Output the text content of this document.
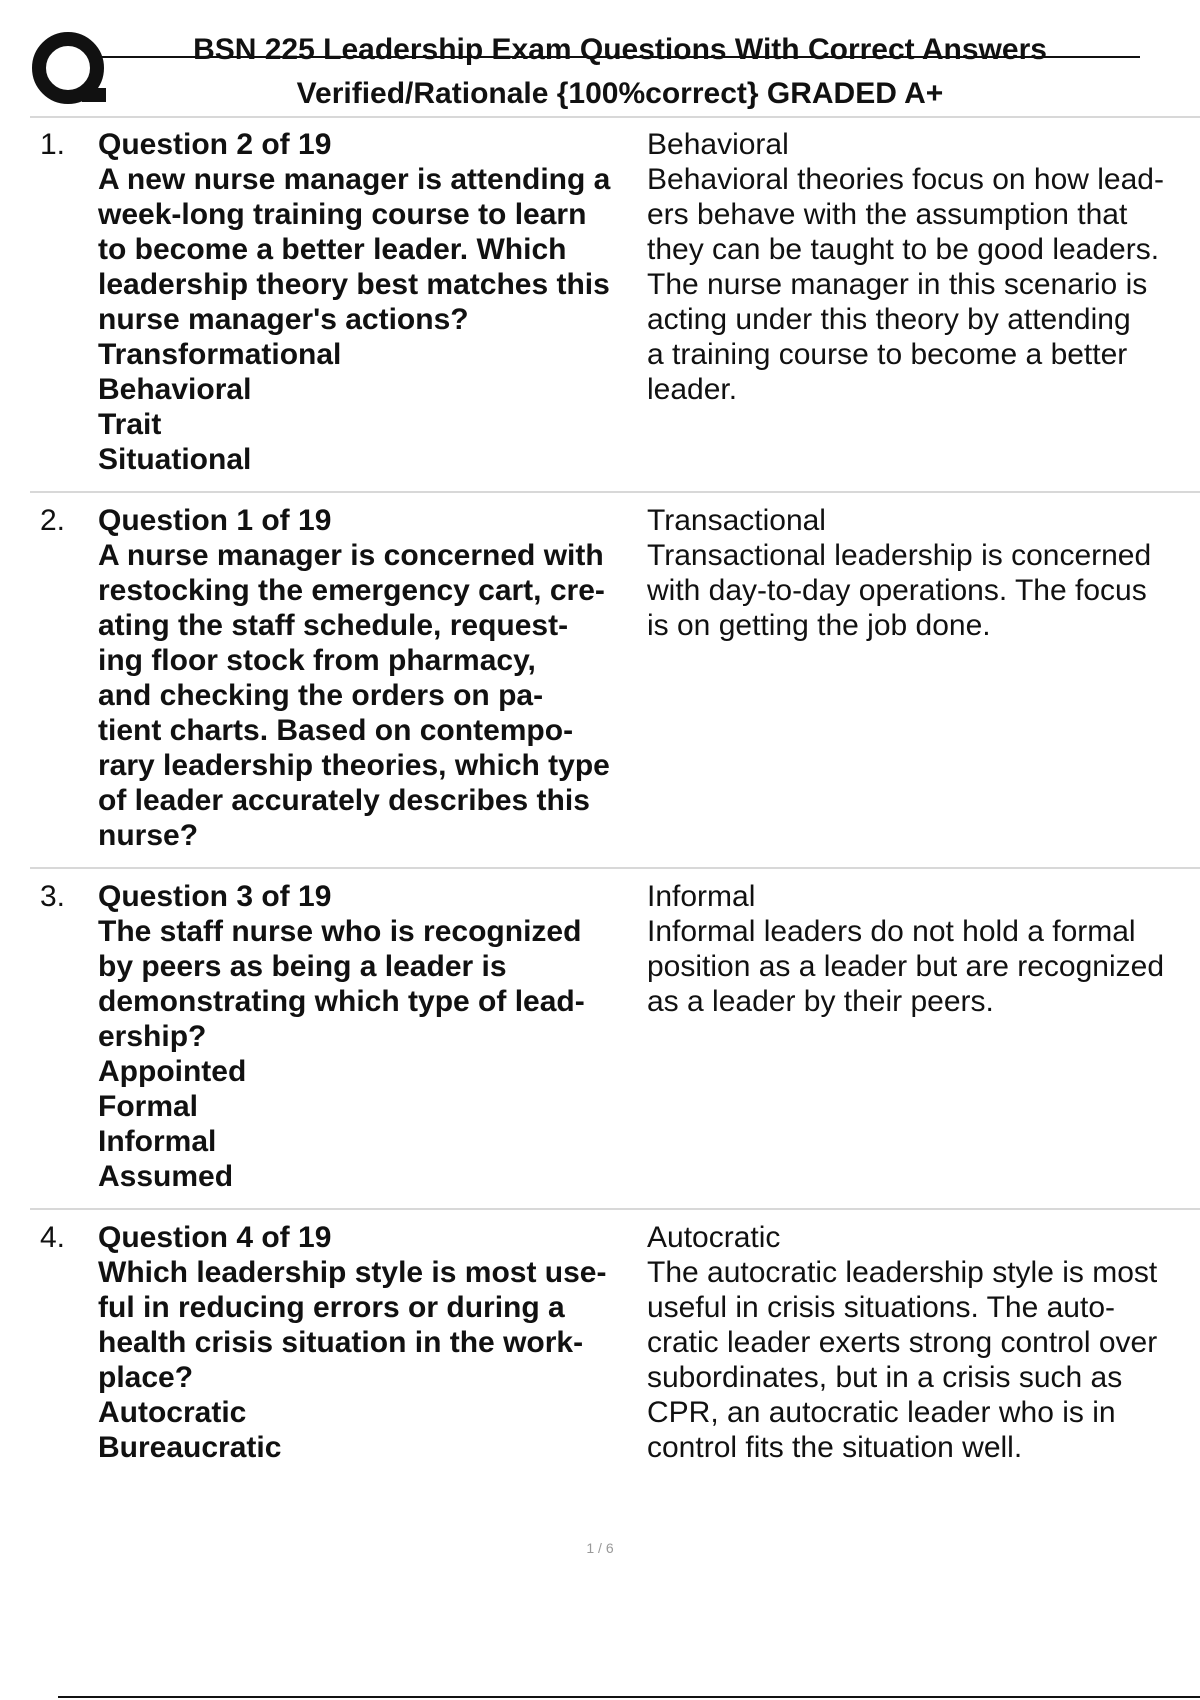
BSN 225 Leadership Exam Questions With Correct Answers
Verified/Rationale {100%correct} GRADED A+
1. Question 2 of 19
A new nurse manager is attending a
week-long training course to learn
to become a better leader. Which
leadership theory best matches this
nurse manager's actions?
Transformational
Behavioral
Trait
Situational
Behavioral
Behavioral theories focus on how lead-
ers behave with the assumption that
they can be taught to be good leaders.
The nurse manager in this scenario is
acting under this theory by attending
a training course to become a better
leader.
2. Question 1 of 19
A nurse manager is concerned with
restocking the emergency cart, cre-
ating the staff schedule, request-
ing floor stock from pharmacy,
and checking the orders on pa-
tient charts. Based on contempo-
rary leadership theories, which type
of leader accurately describes this
nurse?
Transactional
Transactional leadership is concerned
with day-to-day operations. The focus
is on getting the job done.
3. Question 3 of 19
The staff nurse who is recognized
by peers as being a leader is
demonstrating which type of lead-
ership?
Appointed
Formal
Informal
Assumed
Informal
Informal leaders do not hold a formal
position as a leader but are recognized
as a leader by their peers.
4. Question 4 of 19
Which leadership style is most use-
ful in reducing errors or during a
health crisis situation in the work-
place?
Autocratic
Bureaucratic
Autocratic
The autocratic leadership style is most
useful in crisis situations. The auto-
cratic leader exerts strong control over
subordinates, but in a crisis such as
CPR, an autocratic leader who is in
control fits the situation well.
1 / 6
